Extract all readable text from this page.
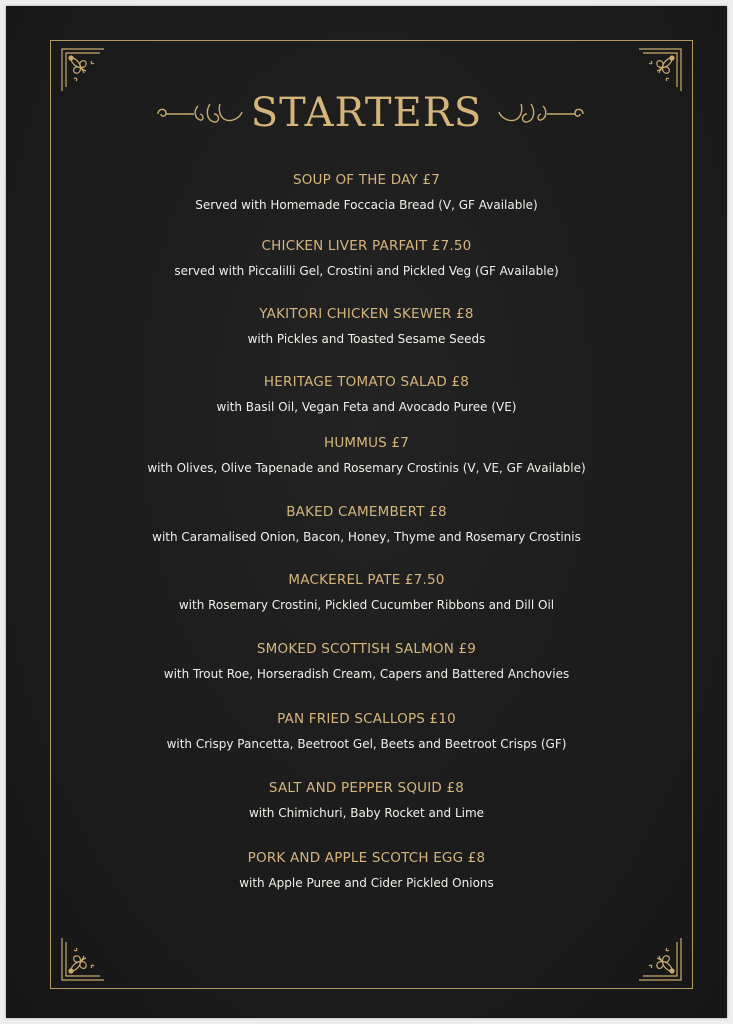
STARTERS
SOUP OF THE DAY £7
Served with Homemade Foccacia Bread (V, GF Available)
CHICKEN LIVER PARFAIT £7.50
served with Piccalilli Gel, Crostini and Pickled Veg (GF Available)
YAKITORI CHICKEN SKEWER £8
with Pickles and Toasted Sesame Seeds
HERITAGE TOMATO SALAD £8
with Basil Oil, Vegan Feta and Avocado Puree (VE)
HUMMUS £7
with Olives, Olive Tapenade and Rosemary Crostinis (V, VE, GF Available)
BAKED CAMEMBERT £8
with Caramalised Onion, Bacon, Honey, Thyme and Rosemary Crostinis
MACKEREL PATE £7.50
with Rosemary Crostini, Pickled Cucumber Ribbons and Dill Oil
SMOKED SCOTTISH SALMON £9
with Trout Roe, Horseradish Cream, Capers and Battered Anchovies
PAN FRIED SCALLOPS £10
with Crispy Pancetta, Beetroot Gel, Beets and Beetroot Crisps (GF)
SALT AND PEPPER SQUID £8
with Chimichuri, Baby Rocket and Lime
PORK AND APPLE SCOTCH EGG £8
with Apple Puree and Cider Pickled Onions
